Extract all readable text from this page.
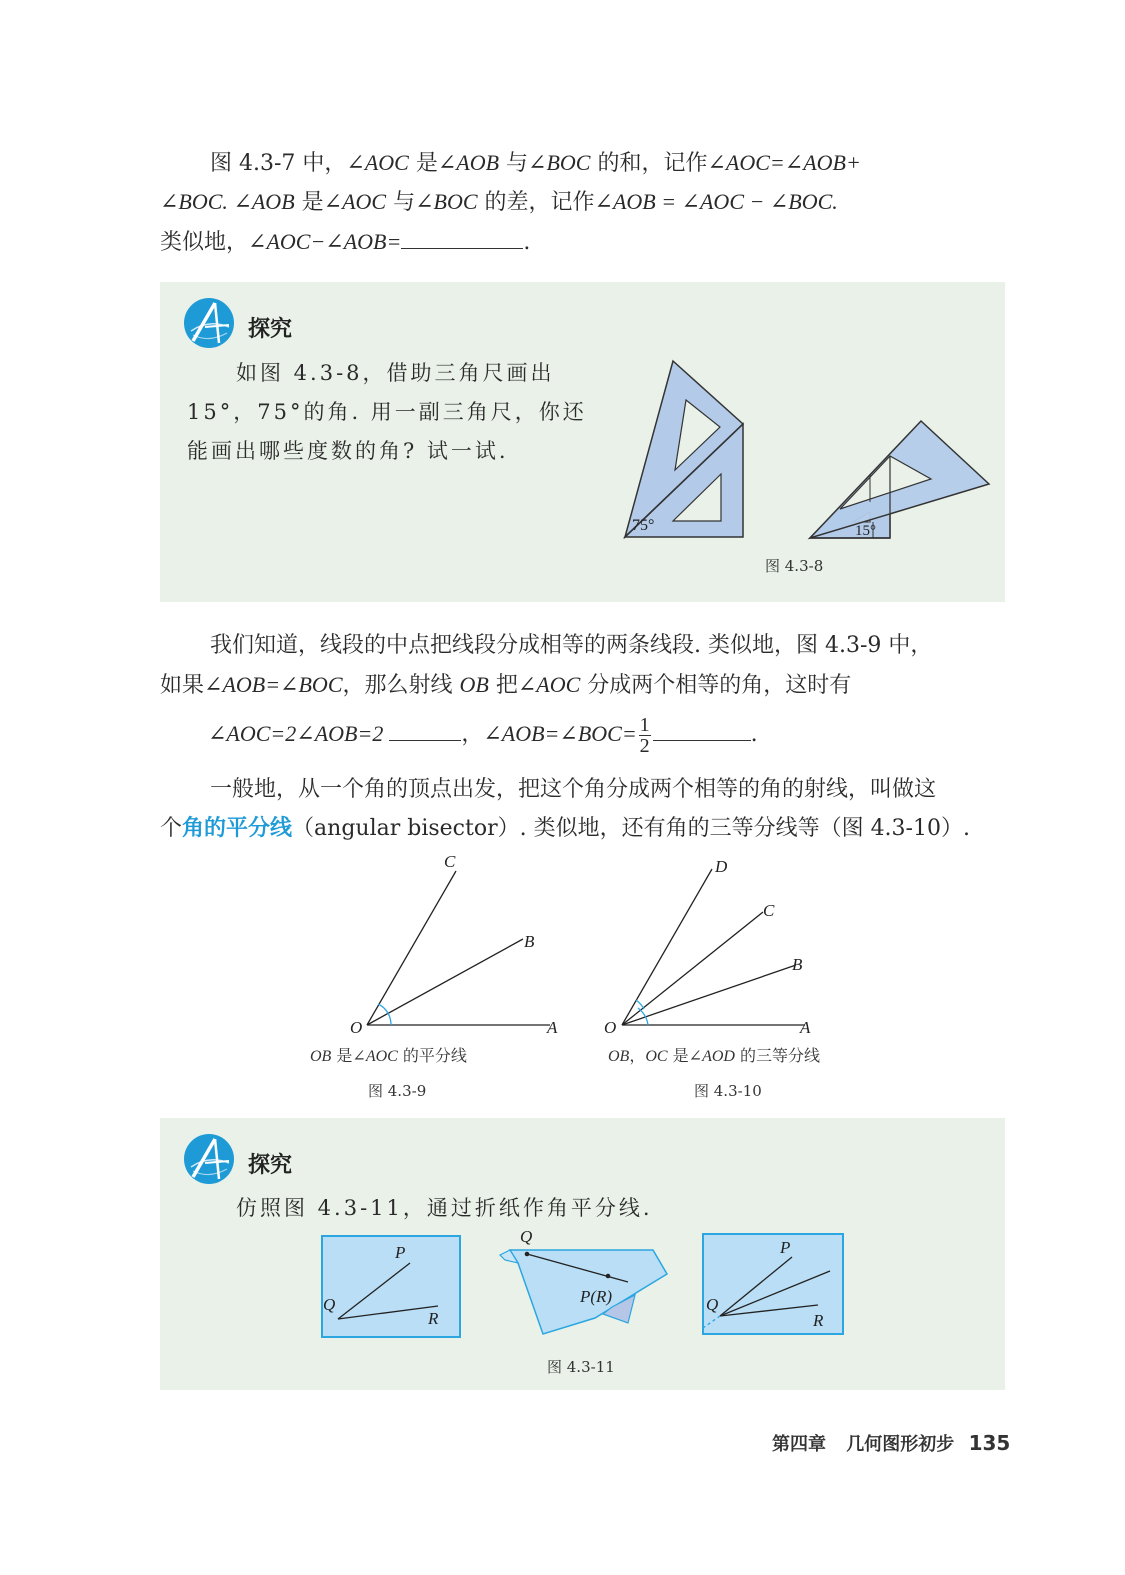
图 4.3-7 中，∠AOC 是∠AOB 与∠BOC 的和，记作∠AOC=∠AOB+
∠BOC. ∠AOB 是∠AOC 与∠BOC 的差，记作∠AOB = ∠AOC − ∠BOC.
类似地，∠AOC−∠AOB=	.
探究
如图 4.3-8，借助三角尺画出
15°，75°的角. 用一副三角尺，你还
能画出哪些度数的角? 试一试.
75°	15°
图 4.3-8
我们知道，线段的中点把线段分成相等的两条线段. 类似地，图 4.3-9 中，
如果∠AOB=∠BOC，那么射线 OB 把∠AOC 分成两个相等的角，这时有
∠AOC=2∠AOB=2	，∠AOB=∠BOC= $\frac{1}{2}$	.
一般地，从一个角的顶点出发，把这个角分成两个相等的角的射线，叫做这
个角的平分线（angular bisector）. 类似地，还有角的三等分线等（图 4.3-10）.
O	A
B
C
OB 是∠AOC 的平分线
图 4.3-9
O	A
B
C
D
OB，OC 是∠AOD 的三等分线
图 4.3-10
探究
仿照图 4.3-11，通过折纸作角平分线.
P
Q
R
Q
P(R)
P
Q
R
图 4.3-11
第四章 几何图形初步 135
